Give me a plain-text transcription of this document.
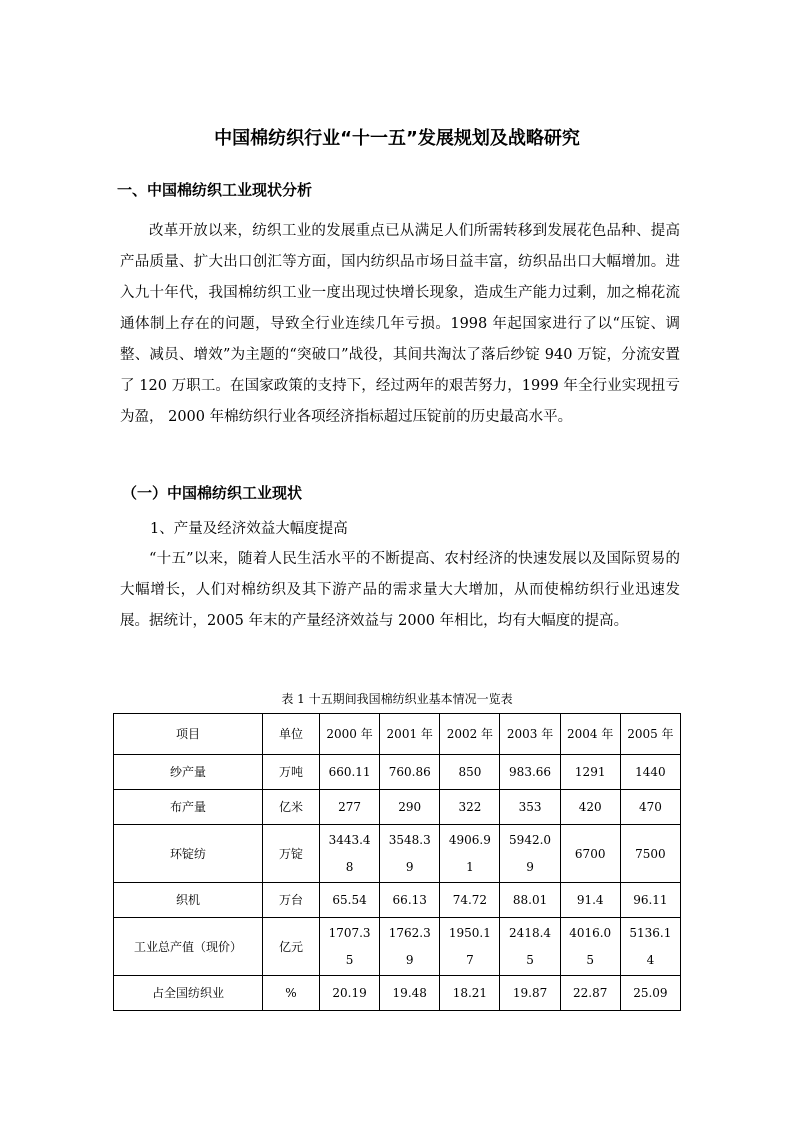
中国棉纺织行业“十一五”发展规划及战略研究
一、中国棉纺织工业现状分析

改革开放以来，纺织工业的发展重点已从满足人们所需转移到发展花色品种、提高产品质量、扩大出口创汇等方面，国内纺织品市场日益丰富，纺织品出口大幅增加。进入九十年代，我国棉纺织工业一度出现过快增长现象，造成生产能力过剩，加之棉花流通体制上存在的问题，导致全行业连续几年亏损。1998 年起国家进行了以“压锭、调整、减员、增效”为主题的“突破口”战役，其间共淘汰了落后纱锭 940 万锭，分流安置了 120 万职工。在国家政策的支持下，经过两年的艰苦努力，1999 年全行业实现扭亏为盈， 2000 年棉纺织行业各项经济指标超过压锭前的历史最高水平。

（一）中国棉纺织工业现状
1、产量及经济效益大幅度提高

“十五”以来，随着人民生活水平的不断提高、农村经济的快速发展以及国际贸易的大幅增长，人们对棉纺织及其下游产品的需求量大大增加，从而使棉纺织行业迅速发展。据统计，2005 年末的产量经济效益与 2000 年相比，均有大幅度的提高。

表 1 十五期间我国棉纺织业基本情况一览表
项目	单位	2000 年	2001 年	2002 年	2003 年	2004 年	2005 年
纱产量	万吨	660.11	760.86	850	983.66	1291	1440
布产量	亿米	277	290	322	353	420	470
环锭纺	万锭	3443.48	3548.39	4906.91	5942.09	6700	7500
织机	万台	65.54	66.13	74.72	88.01	91.4	96.11
工业总产值（现价）	亿元	1707.35	1762.39	1950.17	2418.45	4016.05	5136.14
占全国纺织业	%	20.19	19.48	18.21	19.87	22.87	25.09
